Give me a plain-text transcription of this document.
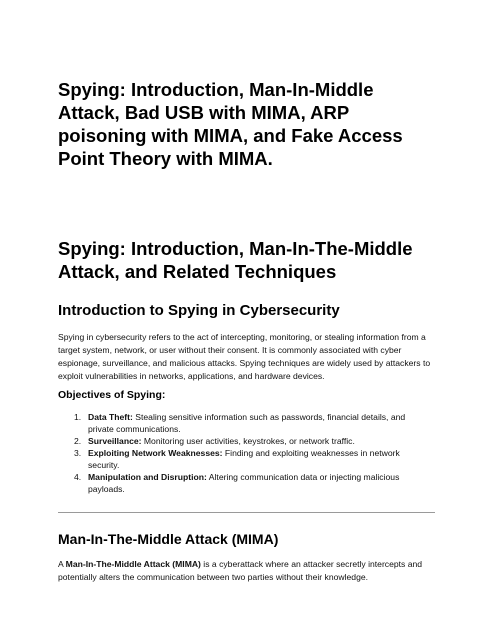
Spying: Introduction, Man-In-Middle Attack, Bad USB with MIMA, ARP poisoning with MIMA, and Fake Access Point Theory with MIMA.
Spying: Introduction, Man-In-The-Middle Attack, and Related Techniques
Introduction to Spying in Cybersecurity

Spying in cybersecurity refers to the act of intercepting, monitoring, or stealing information from a target system, network, or user without their consent. It is commonly associated with cyber espionage, surveillance, and malicious attacks. Spying techniques are widely used by attackers to exploit vulnerabilities in networks, applications, and hardware devices.

Objectives of Spying:
1. Data Theft: Stealing sensitive information such as passwords, financial details, and private communications.
2. Surveillance: Monitoring user activities, keystrokes, or network traffic.
3. Exploiting Network Weaknesses: Finding and exploiting weaknesses in network security.
4. Manipulation and Disruption: Altering communication data or injecting malicious payloads.
Man-In-The-Middle Attack (MIMA)

A Man-In-The-Middle Attack (MIMA) is a cyberattack where an attacker secretly intercepts and potentially alters the communication between two parties without their knowledge.
